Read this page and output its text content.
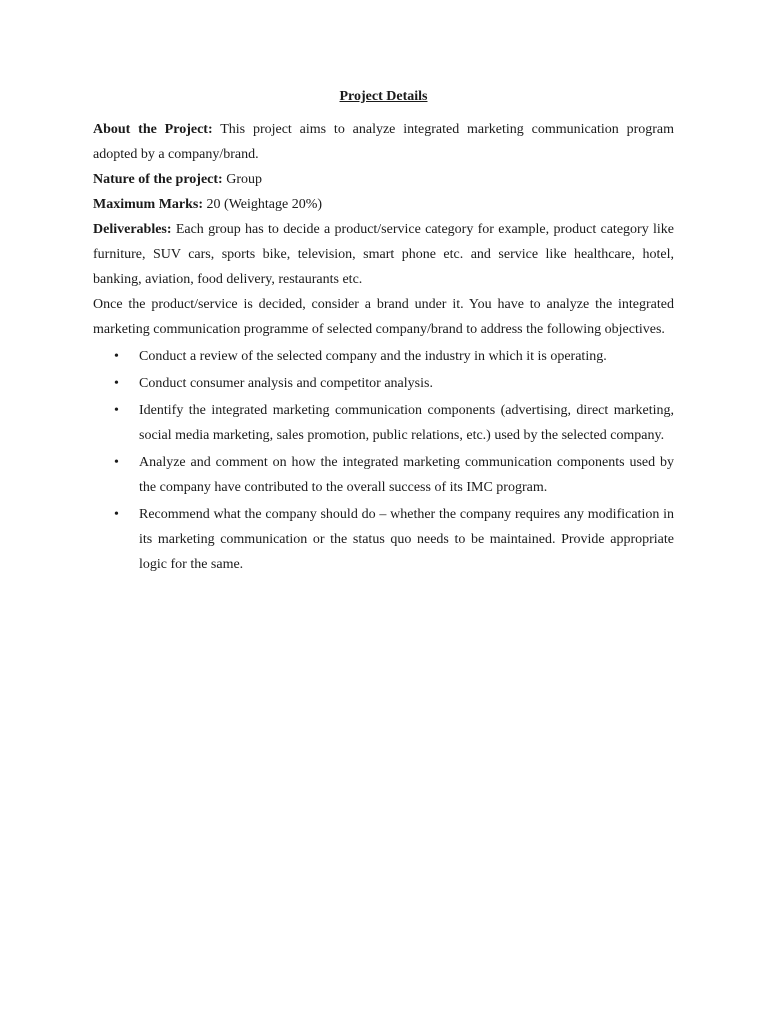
Project Details

About the Project: This project aims to analyze integrated marketing communication program adopted by a company/brand.

Nature of the project: Group

Maximum Marks: 20 (Weightage 20%)

Deliverables: Each group has to decide a product/service category for example, product category like furniture, SUV cars, sports bike, television, smart phone etc. and service like healthcare, hotel, banking, aviation, food delivery, restaurants etc.

Once the product/service is decided, consider a brand under it. You have to analyze the integrated marketing communication programme of selected company/brand to address the following objectives.

• Conduct a review of the selected company and the industry in which it is operating.
• Conduct consumer analysis and competitor analysis.
• Identify the integrated marketing communication components (advertising, direct marketing, social media marketing, sales promotion, public relations, etc.) used by the selected company.
• Analyze and comment on how the integrated marketing communication components used by the company have contributed to the overall success of its IMC program.
• Recommend what the company should do – whether the company requires any modification in its marketing communication or the status quo needs to be maintained. Provide appropriate logic for the same.
